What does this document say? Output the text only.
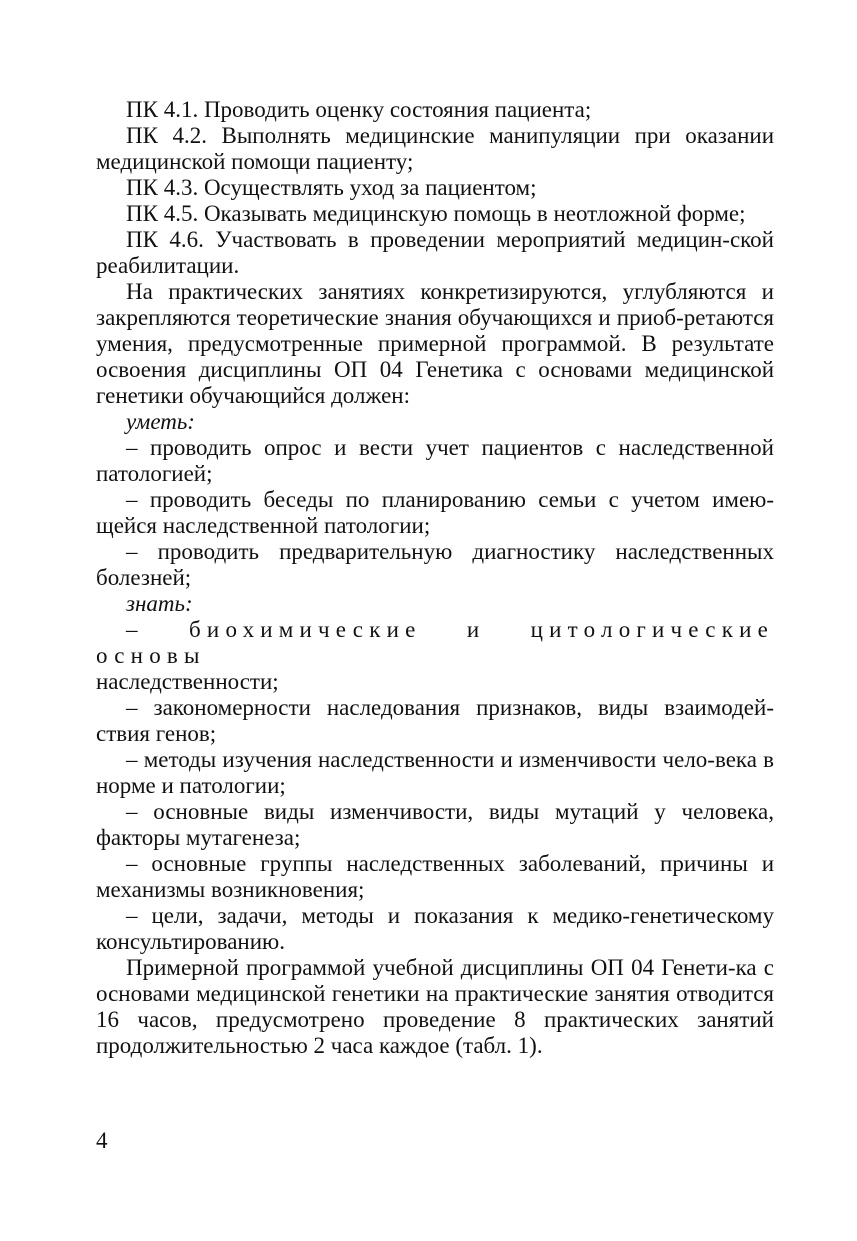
ПК 4.1. Проводить оценку состояния пациента;

ПК 4.2. Выполнять медицинские манипуляции при оказании медицинской помощи пациенту;

ПК 4.3. Осуществлять уход за пациентом;

ПК 4.5. Оказывать медицинскую помощь в неотложной форме;

ПК 4.6. Участвовать в проведении мероприятий медицин-ской реабилитации.

На практических занятиях конкретизируются, углубляются и закрепляются теоретические знания обучающихся и приоб-ретаются умения, предусмотренные примерной программой. В результате освоения дисциплины ОП 04 Генетика с основами медицинской генетики обучающийся должен:

уметь:

– проводить опрос и вести учет пациентов с наследственной патологией;

– проводить беседы по планированию семьи с учетом имею-щейся наследственной патологии;

– проводить предварительную диагностику наследственных болезней;

знать:

– биохимические и цитологические основы

наследственности;

– закономерности наследования признаков, виды взаимодей-ствия генов;

– методы изучения наследственности и изменчивости чело-века в норме и патологии;

– основные виды изменчивости, виды мутаций у человека, факторы мутагенеза;

– основные группы наследственных заболеваний, причины и механизмы возникновения;

– цели, задачи, методы и показания к медико-генетическому консультированию.

Примерной программой учебной дисциплины ОП 04 Генети-ка с основами медицинской генетики на практические занятия отводится 16 часов, предусмотрено проведение 8 практических занятий продолжительностью 2 часа каждое (табл. 1).

4
